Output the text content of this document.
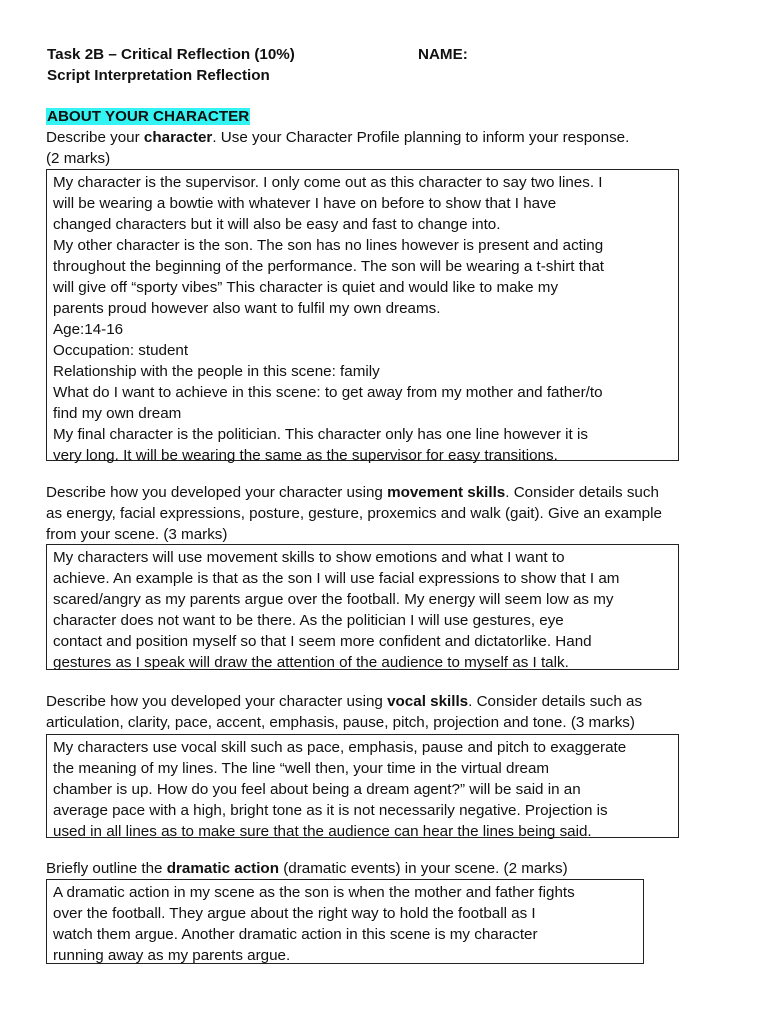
Task 2B – Critical Reflection (10%)	NAME:
Script Interpretation Reflection
ABOUT YOUR CHARACTER
Describe your character. Use your Character Profile planning to inform your response.
(2 marks)

My character is the supervisor. I only come out as this character to say two lines. I

will be wearing a bowtie with whatever I have on before to show that I have

changed characters but it will also be easy and fast to change into.

My other character is the son. The son has no lines however is present and acting

throughout the beginning of the performance. The son will be wearing a t-shirt that

will give off “sporty vibes” This character is quiet and would like to make my

parents proud however also want to fulfil my own dreams.

Age:14-16

Occupation: student

Relationship with the people in this scene: family

What do I want to achieve in this scene: to get away from my mother and father/to

find my own dream

My final character is the politician. This character only has one line however it is

very long. It will be wearing the same as the supervisor for easy transitions.

Describe how you developed your character using movement skills. Consider details such
as energy, facial expressions, posture, gesture, proxemics and walk (gait). Give an example
from your scene. (3 marks)

My characters will use movement skills to show emotions and what I want to

achieve. An example is that as the son I will use facial expressions to show that I am

scared/angry as my parents argue over the football. My energy will seem low as my

character does not want to be there. As the politician I will use gestures, eye

contact and position myself so that I seem more confident and dictatorlike. Hand

gestures as I speak will draw the attention of the audience to myself as I talk.

Describe how you developed your character using vocal skills. Consider details such as
articulation, clarity, pace, accent, emphasis, pause, pitch, projection and tone. (3 marks)

My characters use vocal skill such as pace, emphasis, pause and pitch to exaggerate

the meaning of my lines. The line “well then, your time in the virtual dream

chamber is up. How do you feel about being a dream agent?” will be said in an

average pace with a high, bright tone as it is not necessarily negative. Projection is

used in all lines as to make sure that the audience can hear the lines being said.

Briefly outline the dramatic action (dramatic events) in your scene. (2 marks)

A dramatic action in my scene as the son is when the mother and father fights

over the football. They argue about the right way to hold the football as I

watch them argue. Another dramatic action in this scene is my character

running away as my parents argue.
